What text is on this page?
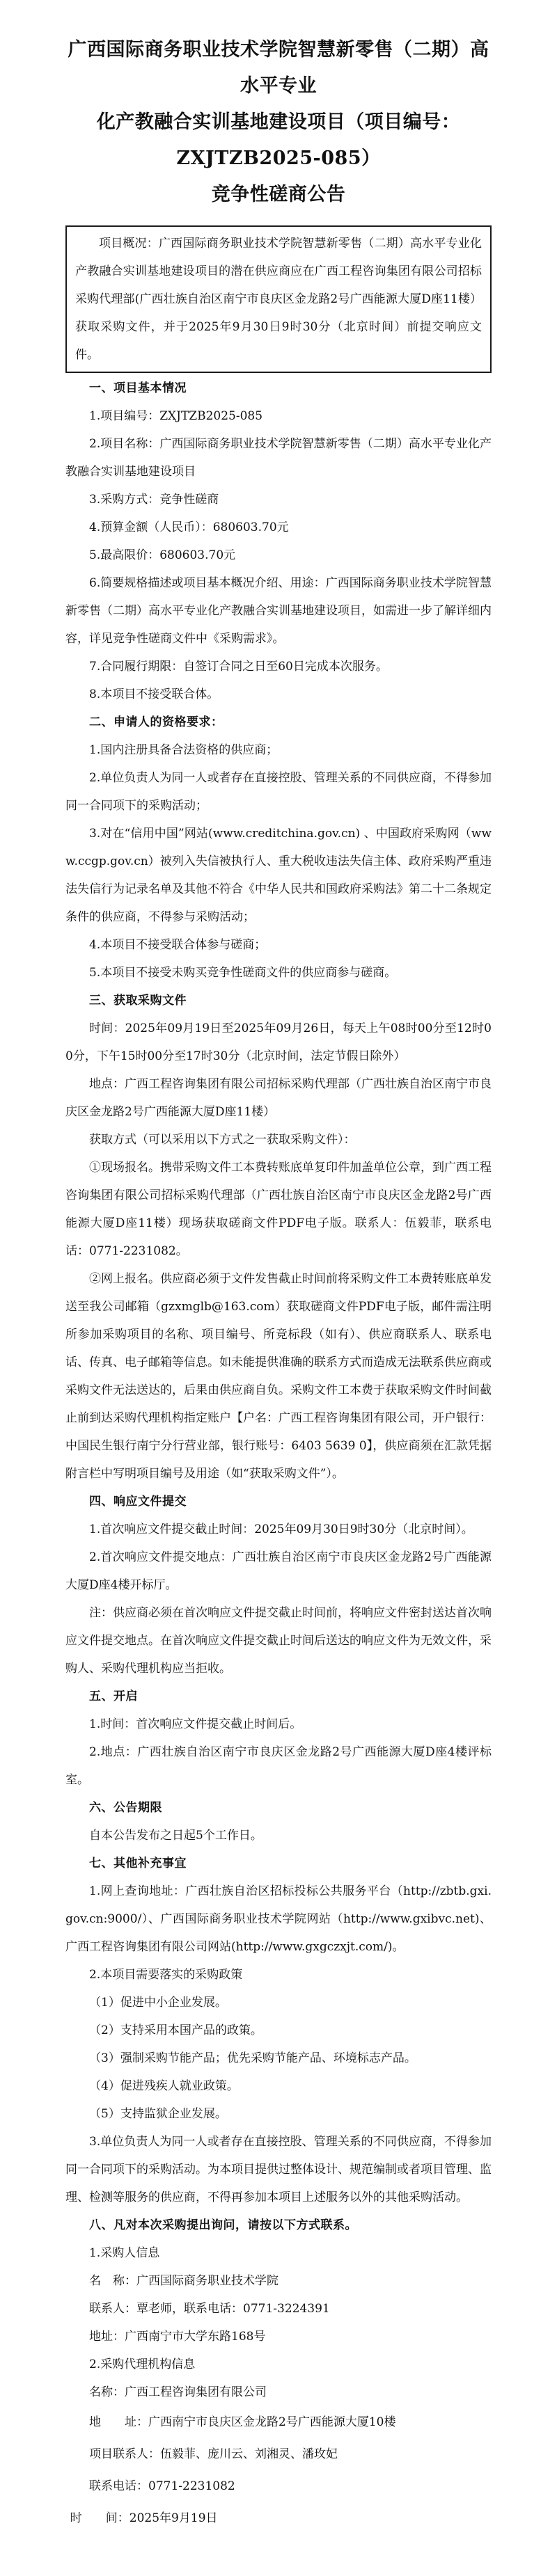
广西国际商务职业技术学院智慧新零售（二期）高水平专业
化产教融合实训基地建设项目（项目编号：ZXJTZB2025-085）
竞争性磋商公告

项目概况：广西国际商务职业技术学院智慧新零售（二期）高水平专业化产教融合实训基地建设项目的潜在供应商应在广西工程咨询集团有限公司招标采购代理部(广西壮族自治区南宁市良庆区金龙路2号广西能源大厦D座11楼）获取采购文件，并于2025年9月30日9时30分（北京时间）前提交响应文件。

一、项目基本情况

1.项目编号：ZXJTZB2025-085

2.项目名称：广西国际商务职业技术学院智慧新零售（二期）高水平专业化产教融合实训基地建设项目

3.采购方式：竞争性磋商

4.预算金额（人民币）：680603.70元

5.最高限价：680603.70元

6.简要规格描述或项目基本概况介绍、用途：广西国际商务职业技术学院智慧新零售（二期）高水平专业化产教融合实训基地建设项目，如需进一步了解详细内容，详见竞争性磋商文件中《采购需求》。

7.合同履行期限：自签订合同之日至60日完成本次服务。

8.本项目不接受联合体。

二、申请人的资格要求：

1.国内注册具备合法资格的供应商；

2.单位负责人为同一人或者存在直接控股、管理关系的不同供应商，不得参加同一合同项下的采购活动；

3.对在“信用中国”网站(www.creditchina.gov.cn) 、中国政府采购网（www.ccgp.gov.cn）被列入失信被执行人、重大税收违法失信主体、政府采购严重违法失信行为记录名单及其他不符合《中华人民共和国政府采购法》第二十二条规定条件的供应商，不得参与采购活动；

4.本项目不接受联合体参与磋商；

5.本项目不接受未购买竞争性磋商文件的供应商参与磋商。

三、获取采购文件

时间：2025年09月19日至2025年09月26日，每天上午08时00分至12时00分，下午15时00分至17时30分（北京时间，法定节假日除外）

地点：广西工程咨询集团有限公司招标采购代理部（广西壮族自治区南宁市良庆区金龙路2号广西能源大厦D座11楼）

获取方式（可以采用以下方式之一获取采购文件）：

①现场报名。携带采购文件工本费转账底单复印件加盖单位公章，到广西工程咨询集团有限公司招标采购代理部（广西壮族自治区南宁市良庆区金龙路2号广西能源大厦D座11楼）现场获取磋商文件PDF电子版。联系人：伍毅菲，联系电话：0771-2231082。

②网上报名。供应商必须于文件发售截止时间前将采购文件工本费转账底单发送至我公司邮箱（gzxmglb@163.com）获取磋商文件PDF电子版，邮件需注明所参加采购项目的名称、项目编号、所竞标段（如有）、供应商联系人、联系电话、传真、电子邮箱等信息。如未能提供准确的联系方式而造成无法联系供应商或采购文件无法送达的，后果由供应商自负。采购文件工本费于获取采购文件时间截止前到达采购代理机构指定账户【户名：广西工程咨询集团有限公司，开户银行：中国民生银行南宁分行营业部，银行账号：6403 5639 0】，供应商须在汇款凭据附言栏中写明项目编号及用途（如“获取采购文件”）。

四、响应文件提交

1.首次响应文件提交截止时间：2025年09月30日9时30分（北京时间）。

2.首次响应文件提交地点：广西壮族自治区南宁市良庆区金龙路2号广西能源大厦D座4楼开标厅。

注：供应商必须在首次响应文件提交截止时间前，将响应文件密封送达首次响应文件提交地点。在首次响应文件提交截止时间后送达的响应文件为无效文件，采购人、采购代理机构应当拒收。

五、开启

1.时间：首次响应文件提交截止时间后。

2.地点：广西壮族自治区南宁市良庆区金龙路2号广西能源大厦D座4楼评标室。

六、公告期限

自本公告发布之日起5个工作日。

七、其他补充事宜

1.网上查询地址：广西壮族自治区招标投标公共服务平台（http://zbtb.gxi.gov.cn:9000/）、广西国际商务职业技术学院网站（http://www.gxibvc.net)、广西工程咨询集团有限公司网站(http://www.gxgczxjt.com/)。

2.本项目需要落实的采购政策

（1）促进中小企业发展。

（2）支持采用本国产品的政策。

（3）强制采购节能产品；优先采购节能产品、环境标志产品。

（4）促进残疾人就业政策。

（5）支持监狱企业发展。

3.单位负责人为同一人或者存在直接控股、管理关系的不同供应商，不得参加同一合同项下的采购活动。为本项目提供过整体设计、规范编制或者项目管理、监理、检测等服务的供应商，不得再参加本项目上述服务以外的其他采购活动。

八、凡对本次采购提出询问，请按以下方式联系。

1.采购人信息

名　称：广西国际商务职业技术学院

联系人：覃老师，联系电话：0771-3224391

地址：广西南宁市大学东路168号

2.采购代理机构信息

名称：广西工程咨询集团有限公司

地　　址：广西南宁市良庆区金龙路2号广西能源大厦10楼

项目联系人：伍毅菲、庞川云、刘湘灵、潘玫妃

联系电话：0771-2231082

时　　间：2025年9月19日
